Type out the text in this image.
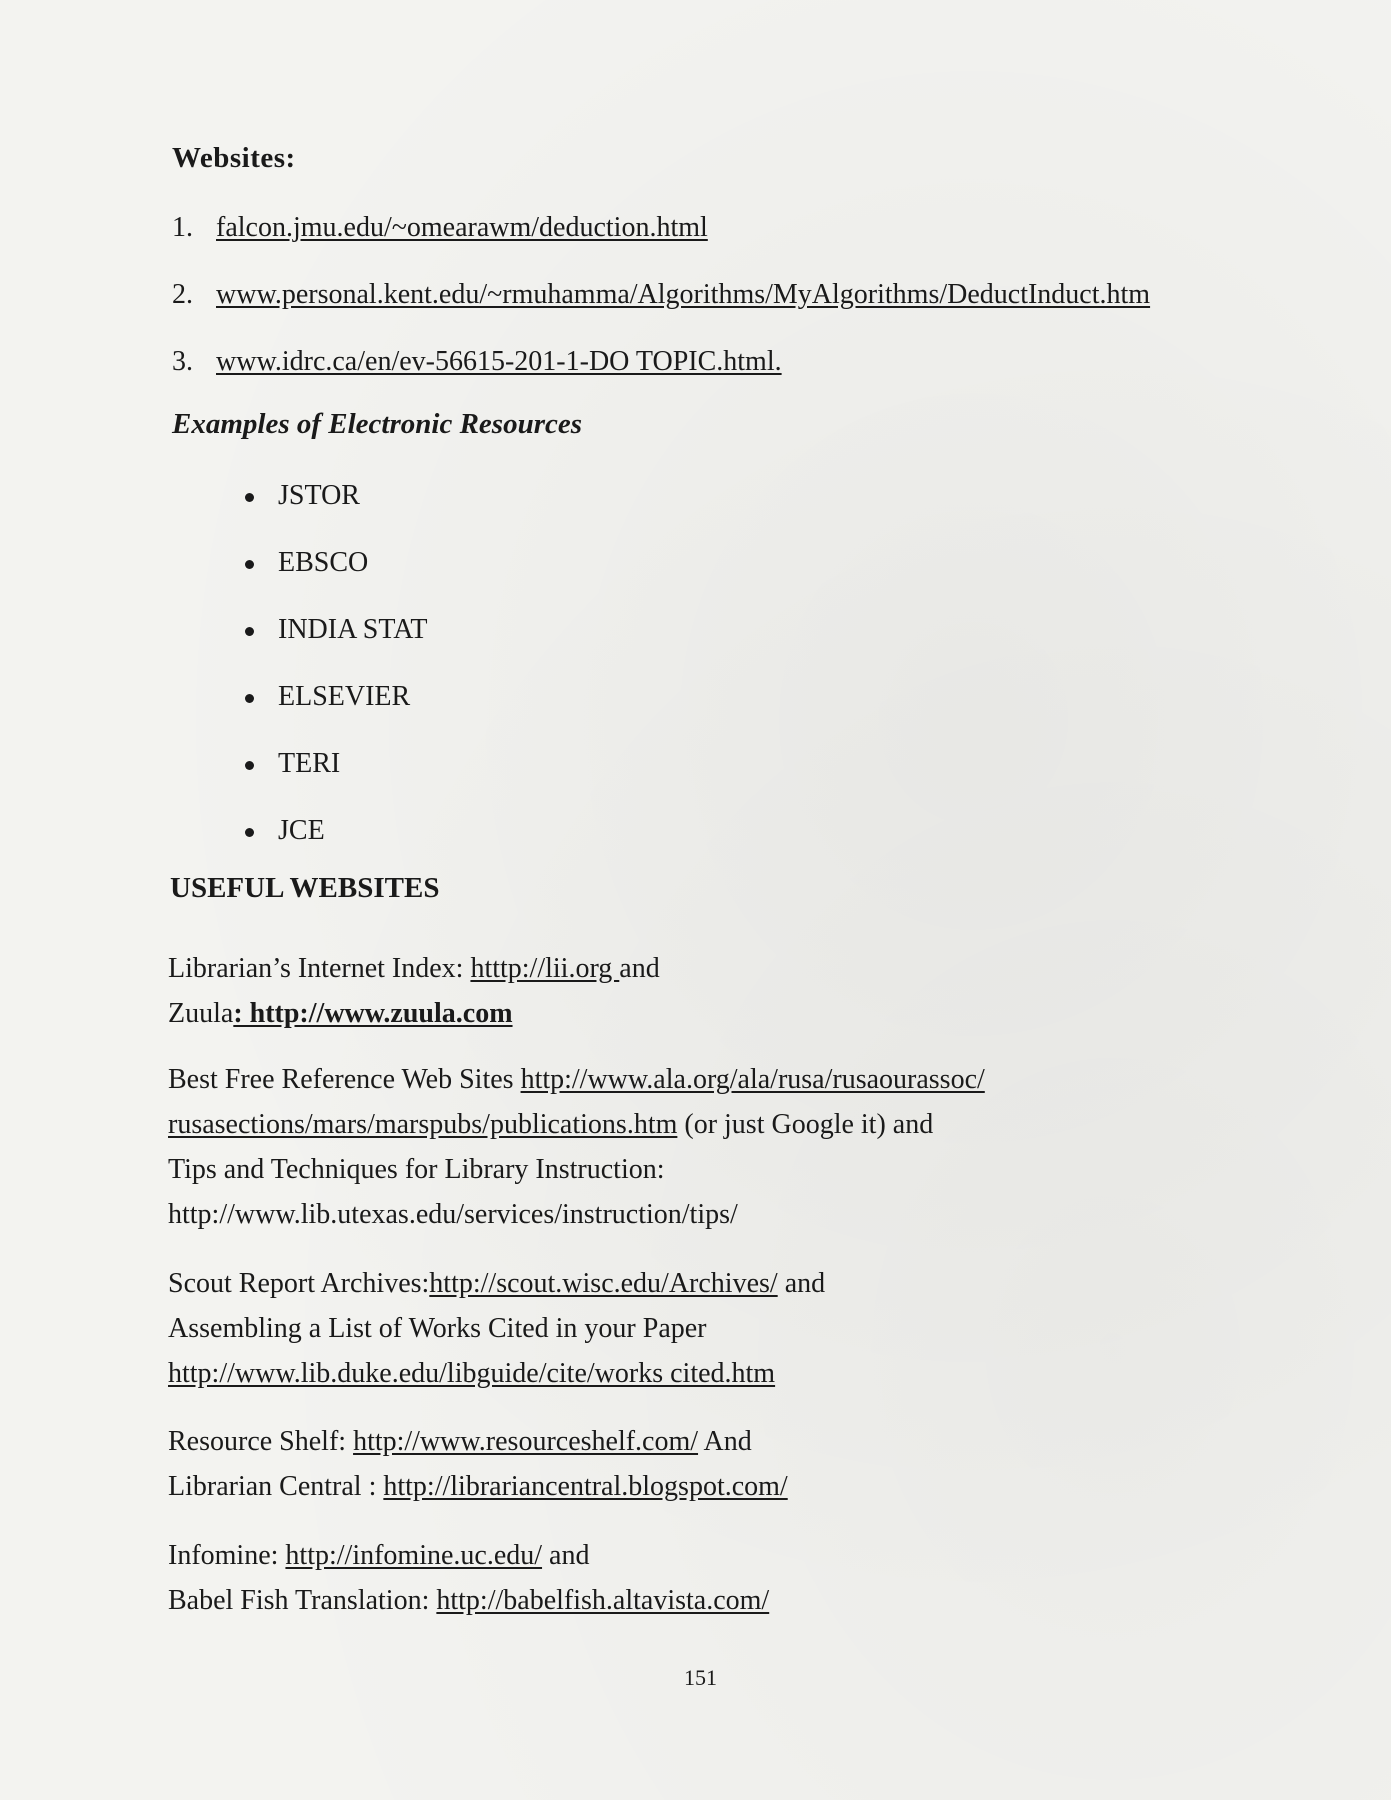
Websites:
1. falcon.jmu.edu/~omearawm/deduction.html
2. www.personal.kent.edu/~rmuhamma/Algorithms/MyAlgorithms/DeductInduct.htm
3. www.idrc.ca/en/ev-56615-201-1-DO TOPIC.html.
Examples of Electronic Resources
JSTOR
EBSCO
INDIA STAT
ELSEVIER
TERI
JCE
USEFUL WEBSITES
Librarian’s Internet Index: htttp://lii.org and
Zuula: http://www.zuula.com
Best Free Reference Web Sites http://www.ala.org/ala/rusa/rusaourassoc/
rusasections/mars/marspubs/publications.htm (or just Google it) and
Tips and Techniques for Library Instruction:
http://www.lib.utexas.edu/services/instruction/tips/
Scout Report Archives:http://scout.wisc.edu/Archives/ and
Assembling a List of Works Cited in your Paper
http://www.lib.duke.edu/libguide/cite/works cited.htm
Resource Shelf: http://www.resourceshelf.com/ And
Librarian Central : http://librariancentral.blogspot.com/
Infomine: http://infomine.uc.edu/ and
Babel Fish Translation: http://babelfish.altavista.com/
151
